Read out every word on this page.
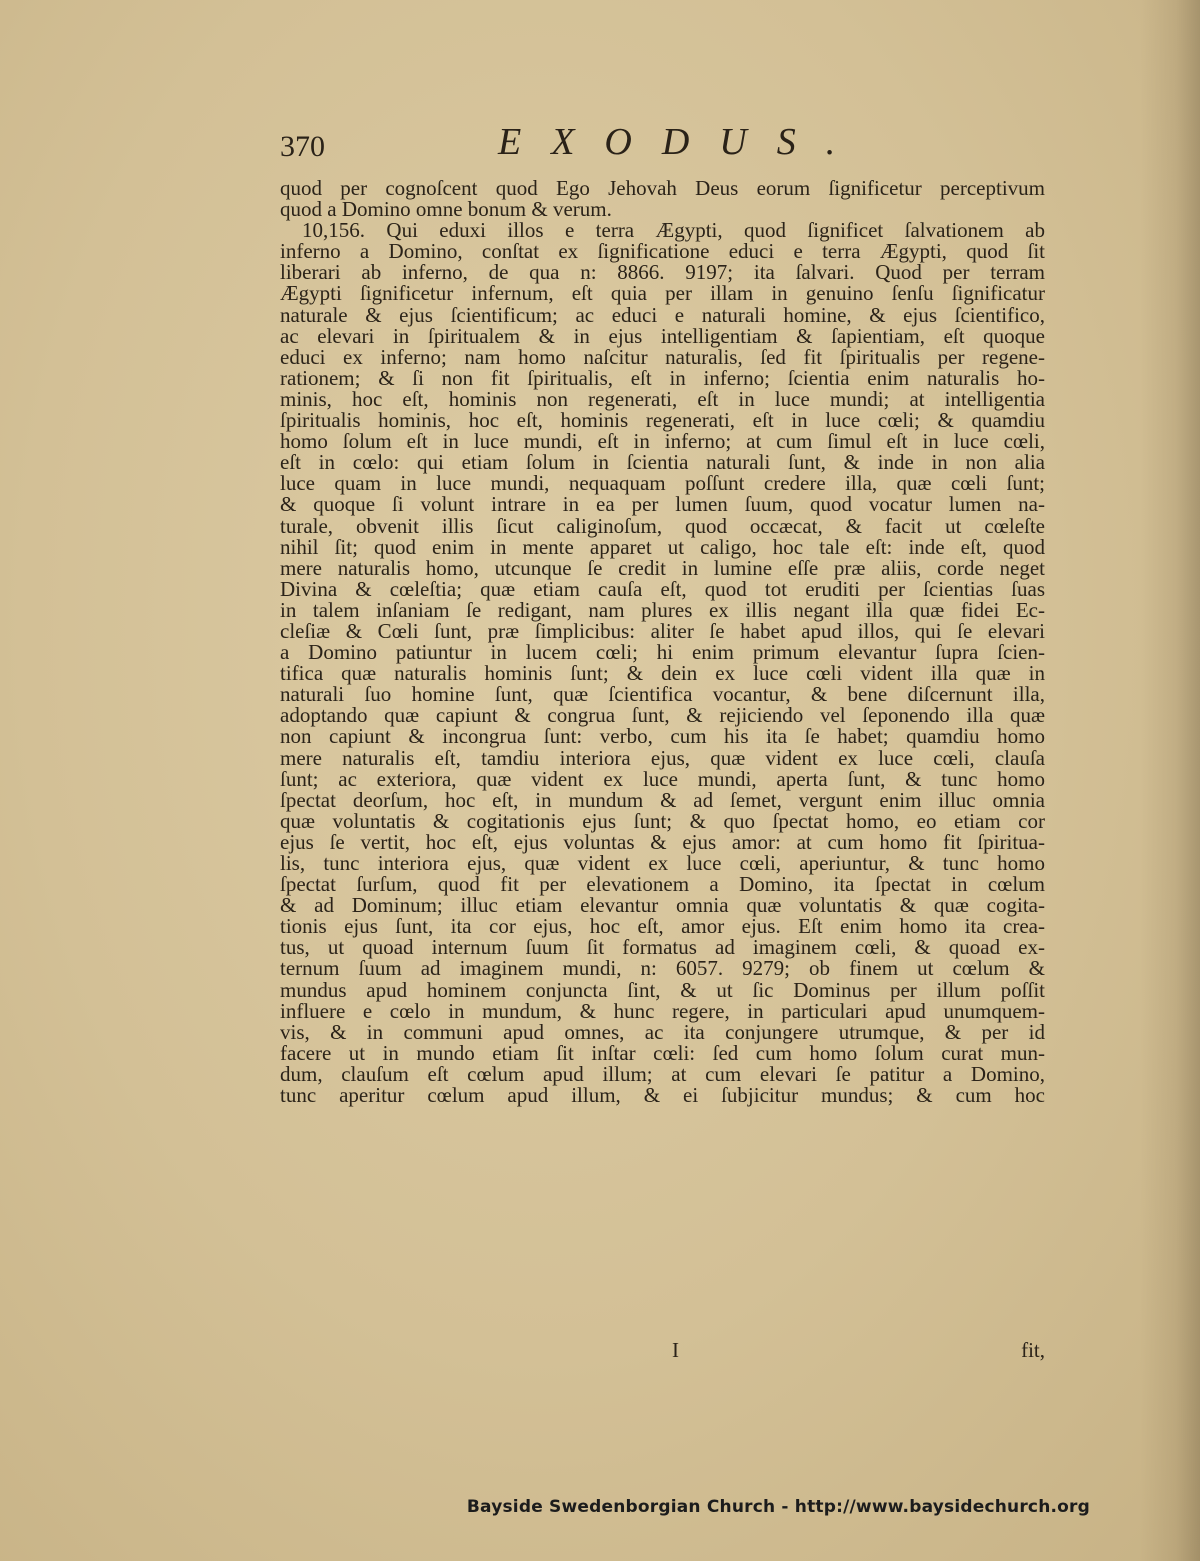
370	EXODUS.
quod per cognoſcent quod Ego Jehovah Deus eorum ſignificetur perceptivum
quod a Domino omne bonum & verum.
10,156. Qui eduxi illos e terra Ægypti, quod ſignificet ſalvationem ab
inferno a Domino, conſtat ex ſignificatione educi e terra Ægypti, quod ſit
liberari ab inferno, de qua n: 8866. 9197; ita ſalvari. Quod per terram
Ægypti ſignificetur infernum, eſt quia per illam in genuino ſenſu ſignificatur
naturale & ejus ſcientificum; ac educi e naturali homine, & ejus ſcientifico,
ac elevari in ſpiritualem & in ejus intelligentiam & ſapientiam, eſt quoque
educi ex inferno; nam homo naſcitur naturalis, ſed fit ſpiritualis per regene-
rationem; & ſi non fit ſpiritualis, eſt in inferno; ſcientia enim naturalis ho-
minis, hoc eſt, hominis non regenerati, eſt in luce mundi; at intelligentia
ſpiritualis hominis, hoc eſt, hominis regenerati, eſt in luce cœli; & quamdiu
homo ſolum eſt in luce mundi, eſt in inferno; at cum ſimul eſt in luce cœli,
eſt in cœlo: qui etiam ſolum in ſcientia naturali ſunt, & inde in non alia
luce quam in luce mundi, nequaquam poſſunt credere illa, quæ cœli ſunt;
& quoque ſi volunt intrare in ea per lumen ſuum, quod vocatur lumen na-
turale, obvenit illis ſicut caliginoſum, quod occæcat, & facit ut cœleſte
nihil ſit; quod enim in mente apparet ut caligo, hoc tale eſt: inde eſt, quod
mere naturalis homo, utcunque ſe credit in lumine eſſe præ aliis, corde neget
Divina & cœleſtia; quæ etiam cauſa eſt, quod tot eruditi per ſcientias ſuas
in talem inſaniam ſe redigant, nam plures ex illis negant illa quæ fidei Ec-
cleſiæ & Cœli ſunt, præ ſimplicibus: aliter ſe habet apud illos, qui ſe elevari
a Domino patiuntur in lucem cœli; hi enim primum elevantur ſupra ſcien-
tifica quæ naturalis hominis ſunt; & dein ex luce cœli vident illa quæ in
naturali ſuo homine ſunt, quæ ſcientifica vocantur, & bene diſcernunt illa,
adoptando quæ capiunt & congrua ſunt, & rejiciendo vel ſeponendo illa quæ
non capiunt & incongrua ſunt: verbo, cum his ita ſe habet; quamdiu homo
mere naturalis eſt, tamdiu interiora ejus, quæ vident ex luce cœli, clauſa
ſunt; ac exteriora, quæ vident ex luce mundi, aperta ſunt, & tunc homo
ſpectat deorſum, hoc eſt, in mundum & ad ſemet, vergunt enim illuc omnia
quæ voluntatis & cogitationis ejus ſunt; & quo ſpectat homo, eo etiam cor
ejus ſe vertit, hoc eſt, ejus voluntas & ejus amor: at cum homo fit ſpiritua-
lis, tunc interiora ejus, quæ vident ex luce cœli, aperiuntur, & tunc homo
ſpectat ſurſum, quod fit per elevationem a Domino, ita ſpectat in cœlum
& ad Dominum; illuc etiam elevantur omnia quæ voluntatis & quæ cogita-
tionis ejus ſunt, ita cor ejus, hoc eſt, amor ejus. Eſt enim homo ita crea-
tus, ut quoad internum ſuum ſit formatus ad imaginem cœli, & quoad ex-
ternum ſuum ad imaginem mundi, n: 6057. 9279; ob finem ut cœlum &
mundus apud hominem conjuncta ſint, & ut ſic Dominus per illum poſſit
influere e cœlo in mundum, & hunc regere, in particulari apud unumquem-
vis, & in communi apud omnes, ac ita conjungere utrumque, & per id
facere ut in mundo etiam ſit inſtar cœli: ſed cum homo ſolum curat mun-
dum, clauſum eſt cœlum apud illum; at cum elevari ſe patitur a Domino,
tunc aperitur cœlum apud illum, & ei ſubjicitur mundus; & cum hoc
I	fit,
Bayside Swedenborgian Church - http://www.baysidechurch.org
